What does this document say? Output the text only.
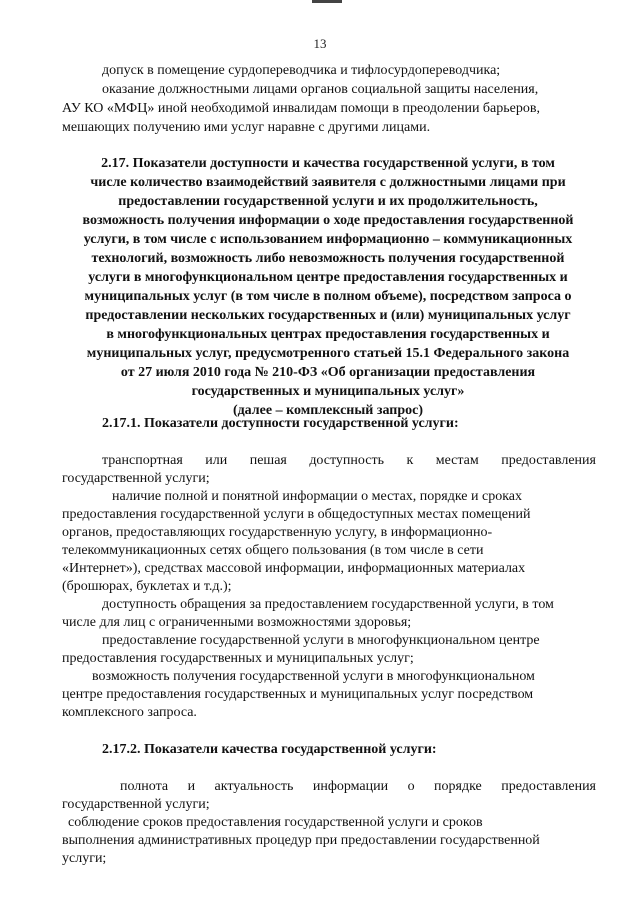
13
допуск в помещение сурдопереводчика и тифлосурдопереводчика;
оказание должностными лицами органов социальной защиты населения,
АУ КО «МФЦ» иной необходимой инвалидам помощи в преодолении барьеров,
мешающих получению ими услуг наравне с другими лицами.
2.17. Показатели доступности и качества государственной услуги, в том
числе количество взаимодействий заявителя с должностными лицами при
предоставлении государственной услуги и их продолжительность,
возможность получения информации о ходе предоставления государственной
услуги, в том числе с использованием информационно – коммуникационных
технологий, возможность либо невозможность получения государственной
услуги в многофункциональном центре предоставления государственных и
муниципальных услуг (в том числе в полном объеме), посредством запроса о
предоставлении нескольких государственных и (или) муниципальных услуг
в многофункциональных центрах предоставления государственных и
муниципальных услуг, предусмотренного статьей 15.1 Федерального закона
от 27 июля 2010 года № 210-ФЗ «Об организации предоставления
государственных и муниципальных услуг»
(далее – комплексный запрос)
2.17.1. Показатели доступности государственной услуги:
транспортная или пешая доступность к местам предоставления
государственной услуги;
наличие полной и понятной информации о местах, порядке и сроках
предоставления государственной услуги в общедоступных местах помещений
органов, предоставляющих государственную услугу, в информационно-
телекоммуникационных сетях общего пользования (в том числе в сети
«Интернет»), средствах массовой информации, информационных материалах
(брошюрах, буклетах и т.д.);
доступность обращения за предоставлением государственной услуги, в том
числе для лиц с ограниченными возможностями здоровья;
предоставление государственной услуги в многофункциональном центре
предоставления государственных и муниципальных услуг;
возможность получения государственной услуги в многофункциональном
центре предоставления государственных и муниципальных услуг посредством
комплексного запроса.
2.17.2. Показатели качества государственной услуги:
полнота и актуальность информации о порядке предоставления
государственной услуги;
соблюдение сроков предоставления государственной услуги и сроков
выполнения административных процедур при предоставлении государственной
услуги;
